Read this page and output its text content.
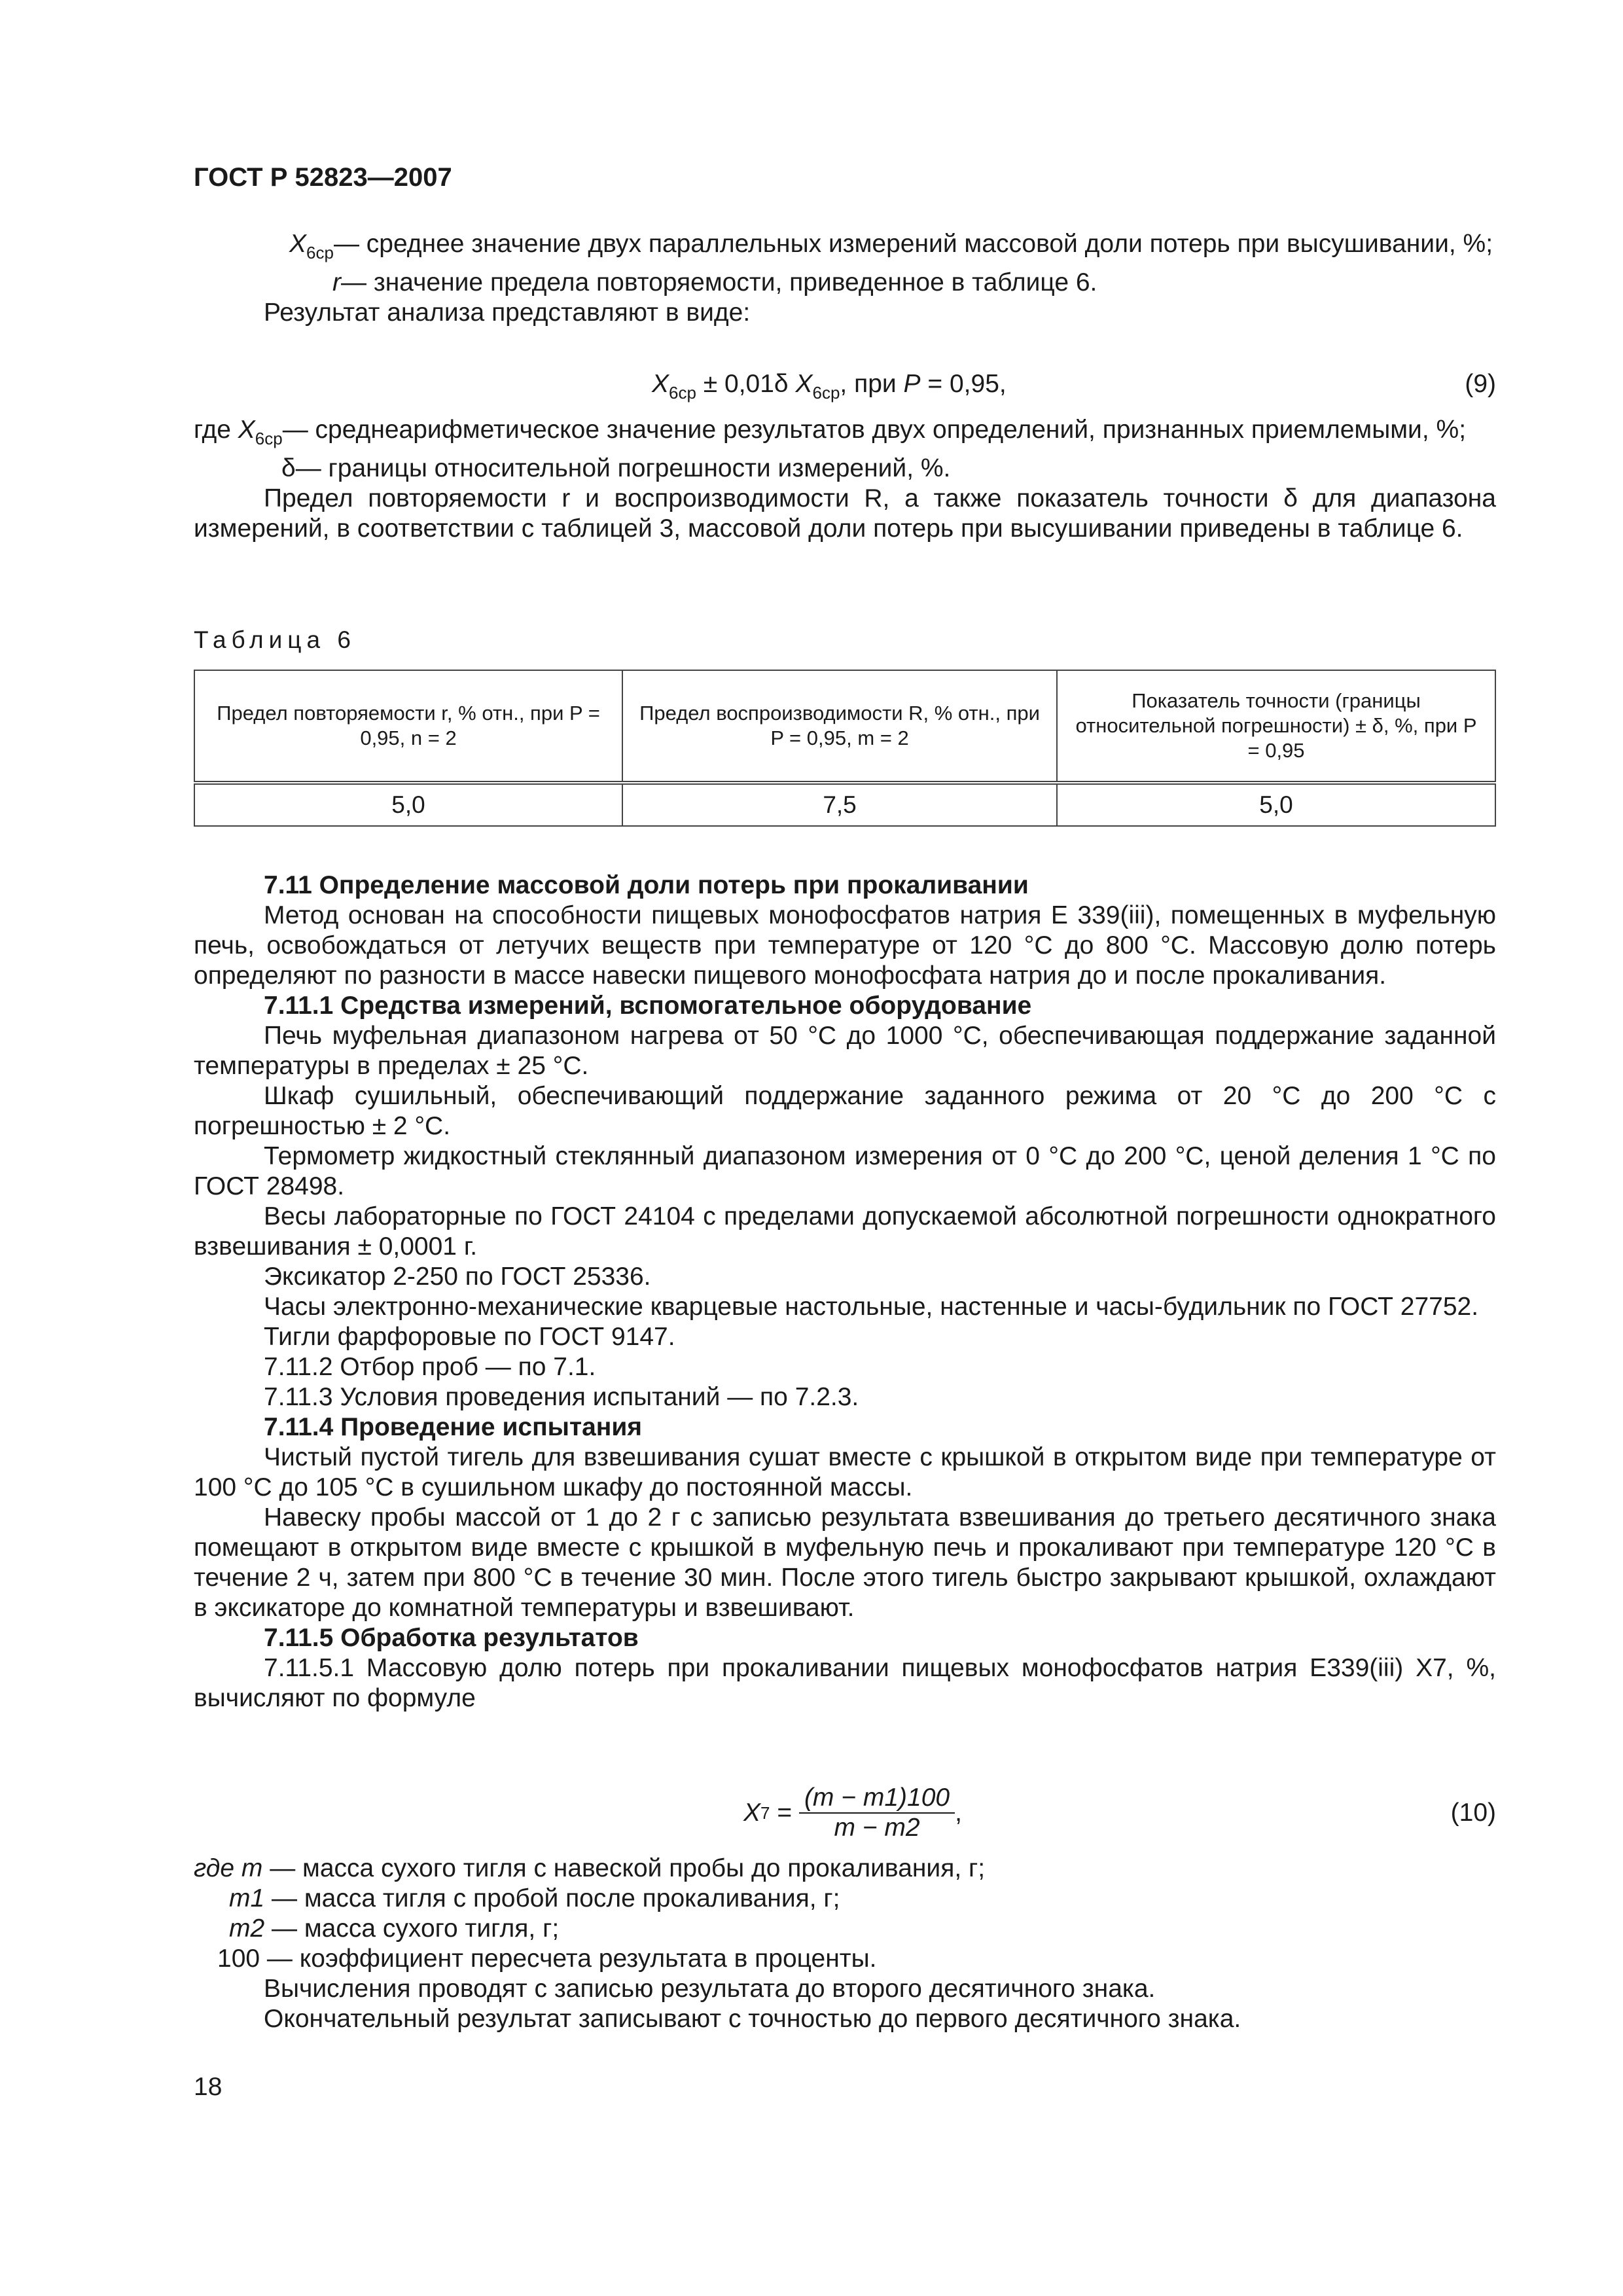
ГОСТ Р 52823—2007
$X_{6ср}$ — среднее значение двух параллельных измерений массовой доли потерь при высушивании, %;
r — значение предела повторяемости, приведенное в таблице 6.

Результат анализа представляют в виде:

$X_{6ср} \pm 0,01\delta$ $X_{6ср}$, при P = 0,95,	(9)
где $X_{6ср}$ — среднеарифметическое значение результатов двух определений, признанных приемлемыми, %;
δ — границы относительной погрешности измерений, %.

Предел повторяемости r и воспроизводимости R, а также показатель точности δ для диапазона измерений, в соответствии с таблицей 3, массовой доли потерь при высушивании приведены в таблице 6.

Таблица 6
Предел повторяемости r, % отн., при P = 0,95, n = 2	Предел воспроизводимости R, % отн., при P = 0,95, m = 2	Показатель точности (границы относительной погрешности) ± δ, %, при P = 0,95
5,0	7,5	5,0

7.11 Определение массовой доли потерь при прокаливании

Метод основан на способности пищевых монофосфатов натрия Е 339(iii), помещенных в муфельную печь, освобождаться от летучих веществ при температуре от 120 °С до 800 °С. Массовую долю потерь определяют по разности в массе навески пищевого монофосфата натрия до и после прокаливания.

7.11.1 Средства измерений, вспомогательное оборудование

Печь муфельная диапазоном нагрева от 50 °С до 1000 °С, обеспечивающая поддержание заданной температуры в пределах ± 25 °С.

Шкаф сушильный, обеспечивающий поддержание заданного режима от 20 °С до 200 °С с погрешностью ± 2 °С.

Термометр жидкостный стеклянный диапазоном измерения от 0 °С до 200 °С, ценой деления 1 °С по ГОСТ 28498.

Весы лабораторные по ГОСТ 24104 с пределами допускаемой абсолютной погрешности однократного взвешивания ± 0,0001 г.

Эксикатор 2-250 по ГОСТ 25336.

Часы электронно-механические кварцевые настольные, настенные и часы-будильник по ГОСТ 27752.

Тигли фарфоровые по ГОСТ 9147.

7.11.2 Отбор проб — по 7.1.

7.11.3 Условия проведения испытаний — по 7.2.3.

7.11.4 Проведение испытания

Чистый пустой тигель для взвешивания сушат вместе с крышкой в открытом виде при температуре от 100 °С до 105 °С в сушильном шкафу до постоянной массы.

Навеску пробы массой от 1 до 2 г с записью результата взвешивания до третьего десятичного знака помещают в открытом виде вместе с крышкой в муфельную печь и прокаливают при температуре 120 °С в течение 2 ч, затем при 800 °С в течение 30 мин. После этого тигель быстро закрывают крышкой, охлаждают в эксикаторе до комнатной температуры и взвешивают.

7.11.5 Обработка результатов

7.11.5.1 Массовую долю потерь при прокаливании пищевых монофосфатов натрия Е339(iii) X7, %, вычисляют по формуле

X $7 = \frac{(m - m1)100}{m - m2}$ ,	(10)
где m — масса сухого тигля с навеской пробы до прокаливания, г;
m1 — масса тигля с пробой после прокаливания, г;
m2 — масса сухого тигля, г;
100 — коэффициент пересчета результата в проценты.

Вычисления проводят с записью результата до второго десятичного знака.

Окончательный результат записывают с точностью до первого десятичного знака.

18
